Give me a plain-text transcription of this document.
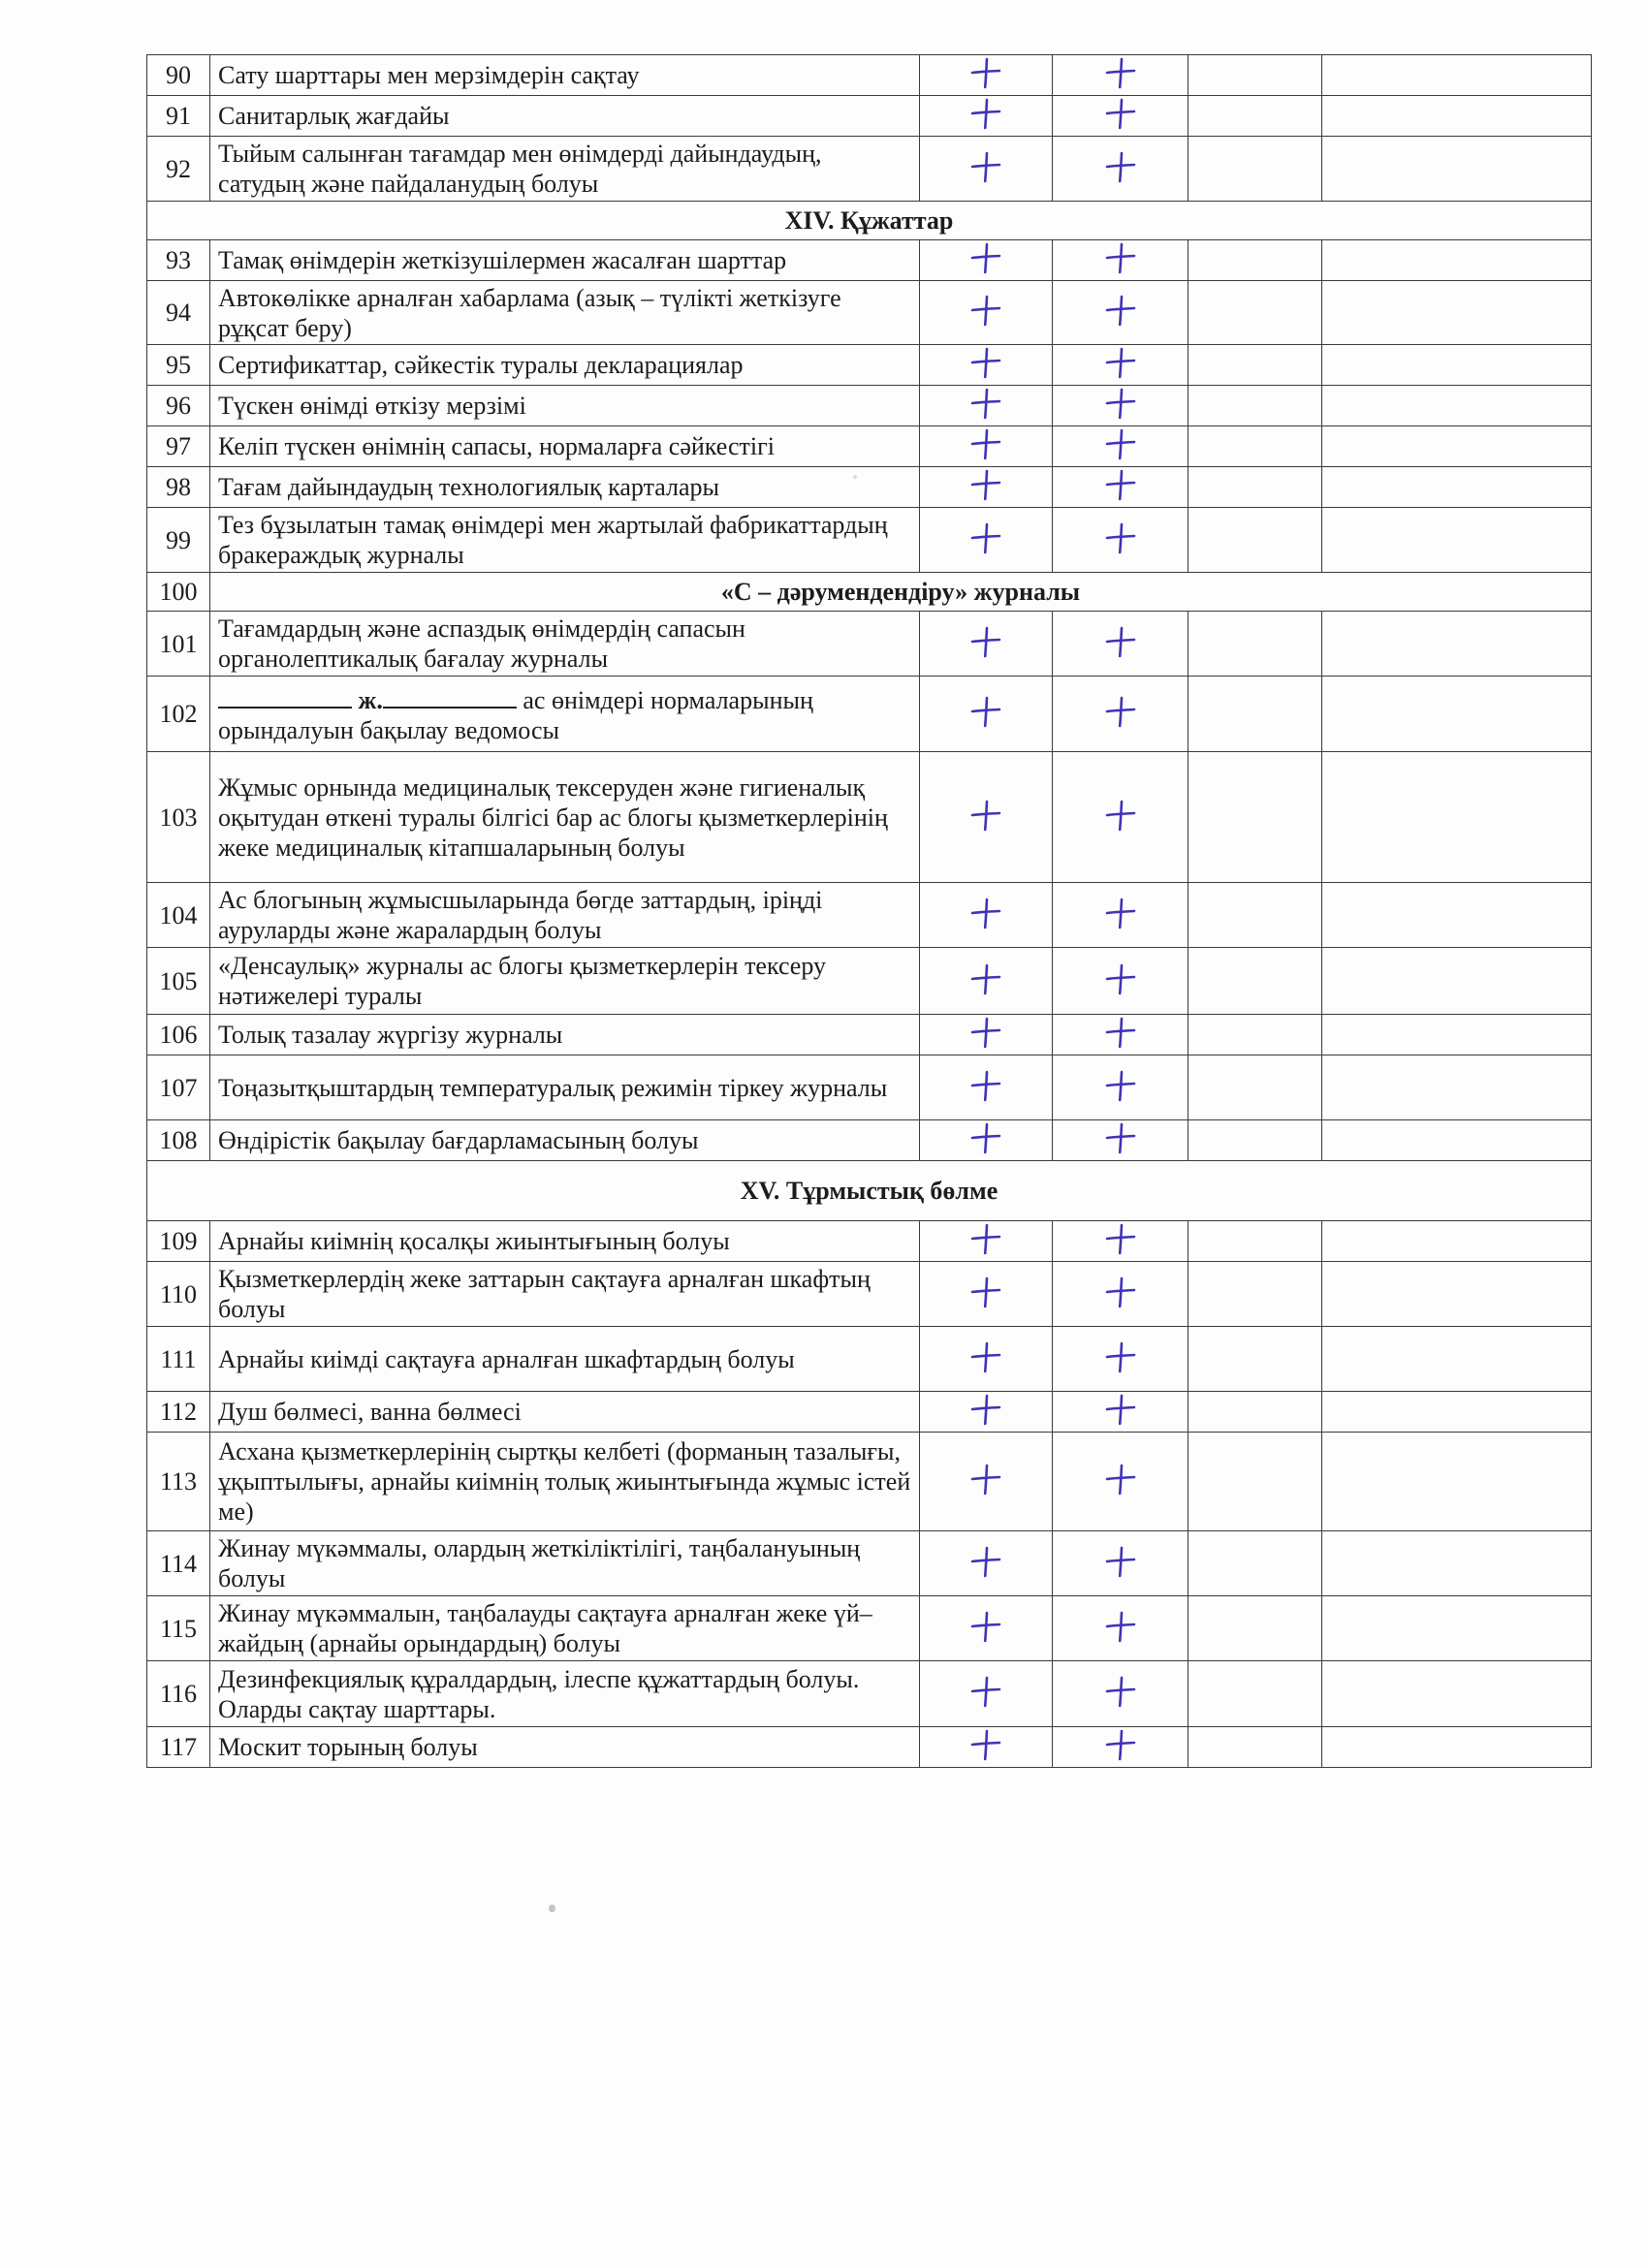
90	Сату шарттары мен мерзімдерін сақтау	

91	Санитарлық жағдайы	

92	Тыйым салынған тағамдар мен өнімдерді дайындаудың, сатудың және пайдаланудың болуы	

XIV. Құжаттар					
93	Тамақ өнімдерін жеткізушілермен жасалған шарттар	

94	Автокөлікке арналған хабарлама (азық – түлікті жеткізуге рұқсат беру)	

95	Сертификаттар, сәйкестік туралы декларациялар	

96	Түскен өнімді өткізу мерзімі	

97	Келіп түскен өнімнің сапасы, нормаларға сәйкестігі	

98	Тағам дайындаудың технологиялық карталары	

99	Тез бұзылатын тамақ өнімдері мен жартылай фабрикаттардың бракераждық журналы	

100	«С – дәрумендендіру» журналы				
101	Тағамдардың және аспаздық өнімдердің сапасын органолептикалық бағалау журналы	

102	ж. ас өнімдері нормаларының
орындалуын бақылау ведомосы	

103	Жұмыс орнында медициналық тексеруден және гигиеналық оқытудан өткені туралы білгісі бар ас блогы қызметкерлерінің жеке медициналық кітапшаларының болуы	

104	Ас блогының жұмысшыларында бөгде заттардың, іріңді ауруларды және жаралардың болуы	

105	«Денсаулық» журналы ас блогы қызметкерлерін тексеру нәтижелері туралы	

106	Толық тазалау жүргізу журналы	

107	Тоңазытқыштардың температуралық режимін тіркеу журналы	

108	Өндірістік бақылау бағдарламасының болуы	

XV. Тұрмыстық бөлме					
109	Арнайы киімнің қосалқы жиынтығының болуы	

110	Қызметкерлердің жеке заттарын сақтауға арналған шкафтың болуы	

111	Арнайы киімді сақтауға арналған шкафтардың болуы	

112	Душ бөлмесі, ванна бөлмесі	

113	Асхана қызметкерлерінің сыртқы келбеті (форманың тазалығы, ұқыптылығы, арнайы киімнің толық жиынтығында жұмыс істей ме)	

114	Жинау мүкәммалы, олардың жеткіліктілігі, таңбалануының болуы	

115	Жинау мүкәммалын, таңбалауды сақтауға арналған жеке үй–жайдың (арнайы орындардың) болуы	

116	Дезинфекциялық құралдардың, ілеспе құжаттардың болуы. Оларды сақтау шарттары.	

117	Москит торының болуы	
